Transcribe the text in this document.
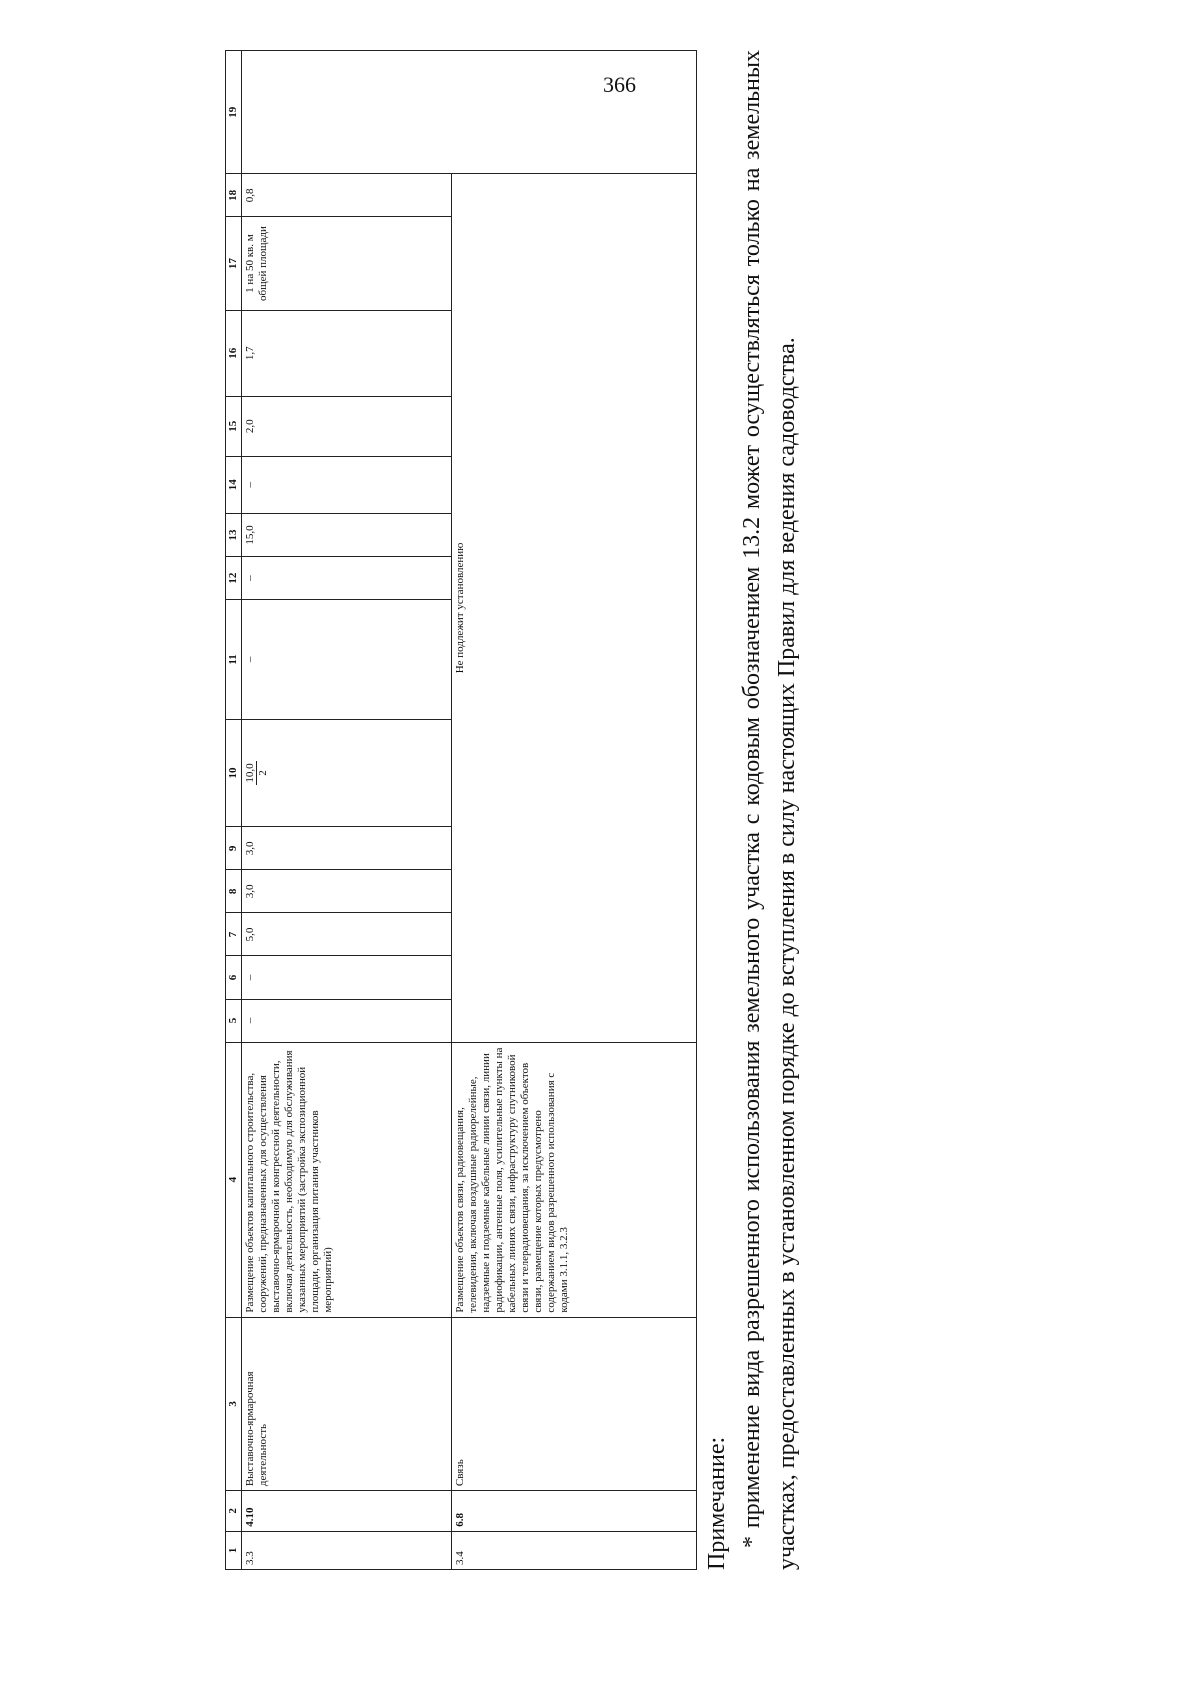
366
1	2	3	4	5	6	7	8	9	10	11	12	13	14	15	16	17	18	19
3.3	4.10	Выставочно-ярмарочная деятельность	Размещение объектов капитального строительства, сооружений, предназначенных для осуществления выставочно-ярмарочной и конгрессной деятельности, включая деятельность, необходимую для обслуживания указанных мероприятий (застройка экспозиционной площади, организация питания участников мероприятий)	–	–	5,0	3,0	3,0	10,0 2	–	–	15,0	–	2,0	1,7	1 на 50 кв. м общей площади	0,8	
3.4	6.8	Связь	Размещение объектов связи, радиовещания, телевидения, включая воздушные радиорелейные, надземные и подземные кабельные линии связи, линии радиофикации, антенные поля, усилительные пункты на кабельных линиях связи, инфраструктуру спутниковой связи и телерадиовещания, за исключением объектов связи, размещение которых предусмотрено содержанием видов разрешенного использования с кодами 3.1.1, 3.2.3	Не подлежит установлению														
Примечание: * применение вида разрешенного использования земельного участка с кодовым обозначением 13.2 может осуществляться только на земельных участках, предоставленных в установленном порядке до вступления в силу настоящих Правил для ведения садоводства.
